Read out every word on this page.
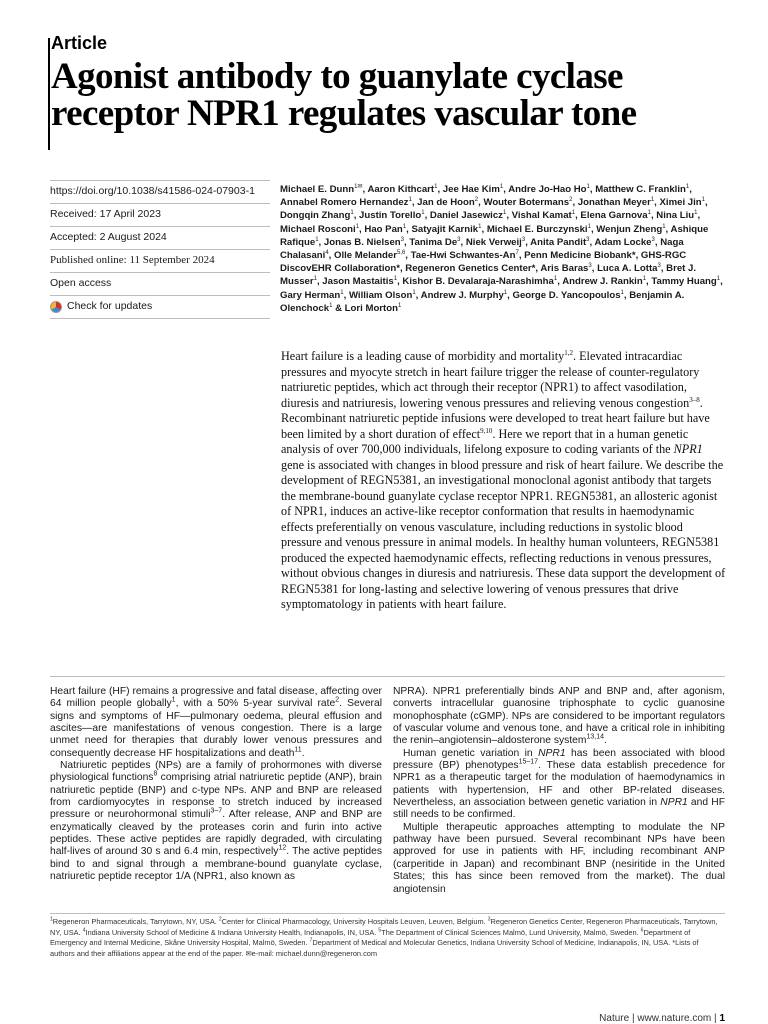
Article
Agonist antibody to guanylate cyclase receptor NPR1 regulates vascular tone
https://doi.org/10.1038/s41586-024-07903-1
Received: 17 April 2023
Accepted: 2 August 2024
Published online: 11 September 2024
Open access
Check for updates

Michael E. Dunn$^{1✉}$, Aaron Kithcart$^1$, Jee Hae Kim$^1$, Andre Jo-Hao Ho$^1$, Matthew C. Franklin$^1$, Annabel Romero Hernandez$^1$, Jan de Hoon$^2$, Wouter Botermans$^2$, Jonathan Meyer$^1$, Ximei Jin$^1$, Dongqin Zhang$^1$, Justin Torello$^1$, Daniel Jasewicz$^1$, Vishal Kamat$^1$, Elena Garnova$^1$, Nina Liu$^1$, Michael Rosconi$^1$, Hao Pan$^1$, Satyajit Karnik$^1$, Michael E. Burczynski$^1$, Wenjun Zheng$^1$, Ashique Rafique$^1$, Jonas B. Nielsen$^3$, Tanima De$^3$, Niek Verweij$^3$, Anita Pandit$^3$, Adam Locke$^3$, Naga Chalasani$^4$, Olle Melander$^{5,6}$, Tae-Hwi Schwantes-An$^7$, Penn Medicine Biobank*, GHS-RGC DiscovEHR Collaboration*, Regeneron Genetics Center*, Aris Baras$^3$, Luca A. Lotta$^3$, Bret J. Musser$^1$, Jason Mastaitis$^1$, Kishor B. Devalaraja-Narashimha$^1$, Andrew J. Rankin$^1$, Tammy Huang$^1$, Gary Herman$^1$, William Olson$^1$, Andrew J. Murphy$^1$, George D. Yancopoulos$^1$, Benjamin A. Olenchock$^1$ & Lori Morton$^1$

Heart failure is a leading cause of morbidity and mortality$^{1,2}$. Elevated intracardiac pressures and myocyte stretch in heart failure trigger the release of counter-regulatory natriuretic peptides, which act through their receptor (NPR1) to affect vasodilation, diuresis and natriuresis, lowering venous pressures and relieving venous congestion$^{3-8}$. Recombinant natriuretic peptide infusions were developed to treat heart failure but have been limited by a short duration of effect$^{9,10}$. Here we report that in a human genetic analysis of over 700,000 individuals, lifelong exposure to coding variants of the NPR1 gene is associated with changes in blood pressure and risk of heart failure. We describe the development of REGN5381, an investigational monoclonal agonist antibody that targets the membrane-bound guanylate cyclase receptor NPR1. REGN5381, an allosteric agonist of NPR1, induces an active-like receptor conformation that results in haemodynamic effects preferentially on venous vasculature, including reductions in systolic blood pressure and venous pressure in animal models. In healthy human volunteers, REGN5381 produced the expected haemodynamic effects, reflecting reductions in venous pressures, without obvious changes in diuresis and natriuresis. These data support the development of REGN5381 for long-lasting and selective lowering of venous pressures that drive symptomatology in patients with heart failure.

Heart failure (HF) remains a progressive and fatal disease, affecting over 64 million people globally$^1$, with a 50% 5-year survival rate$^2$. Several signs and symptoms of HF—pulmonary oedema, pleural effusion and ascites—are manifestations of venous congestion. There is a large unmet need for therapies that durably lower venous pressures and consequently decrease HF hospitalizations and death$^{11}$.

Natriuretic peptides (NPs) are a family of prohormones with diverse physiological functions$^8$ comprising atrial natriuretic peptide (ANP), brain natriuretic peptide (BNP) and c-type NPs. ANP and BNP are released from cardiomyocytes in response to stretch induced by increased pressure or neurohormonal stimuli$^{3-7}$. After release, ANP and BNP are enzymatically cleaved by the proteases corin and furin into active peptides. These active peptides are rapidly degraded, with circulating half-lives of around 30 s and 6.4 min, respectively$^{12}$. The active peptides bind to and signal through a membrane-bound guanylate cyclase, natriuretic peptide receptor 1/A (NPR1, also known as

NPRA). NPR1 preferentially binds ANP and BNP and, after agonism, converts intracellular guanosine triphosphate to cyclic guanosine monophosphate (cGMP). NPs are considered to be important regulators of vascular volume and venous tone, and have a critical role in inhibiting the renin–angiotensin–aldosterone system$^{13,14}$.

Human genetic variation in NPR1 has been associated with blood pressure (BP) phenotypes$^{15-17}$. These data establish precedence for NPR1 as a therapeutic target for the modulation of haemodynamics in patients with hypertension, HF and other BP-related diseases. Nevertheless, an association between genetic variation in NPR1 and HF still needs to be confirmed.

Multiple therapeutic approaches attempting to modulate the NP pathway have been pursued. Several recombinant NPs have been approved for use in patients with HF, including recombinant ANP (carperitide in Japan) and recombinant BNP (nesiritide in the United States; this has since been removed from the market). The dual angiotensin

$^1$Regeneron Pharmaceuticals, Tarrytown, NY, USA. $^2$Center for Clinical Pharmacology, University Hospitals Leuven, Leuven, Belgium. $^3$Regeneron Genetics Center, Regeneron Pharmaceuticals, Tarrytown, NY, USA. $^4$Indiana University School of Medicine & Indiana University Health, Indianapolis, IN, USA. $^5$The Department of Clinical Sciences Malmö, Lund University, Malmö, Sweden. $^6$Department of Emergency and Internal Medicine, Skåne University Hospital, Malmö, Sweden. $^7$Department of Medical and Molecular Genetics, Indiana University School of Medicine, Indianapolis, IN, USA. *Lists of authors and their affiliations appear at the end of the paper. ✉e-mail: michael.dunn@regeneron.com

Nature | www.nature.com | 1
